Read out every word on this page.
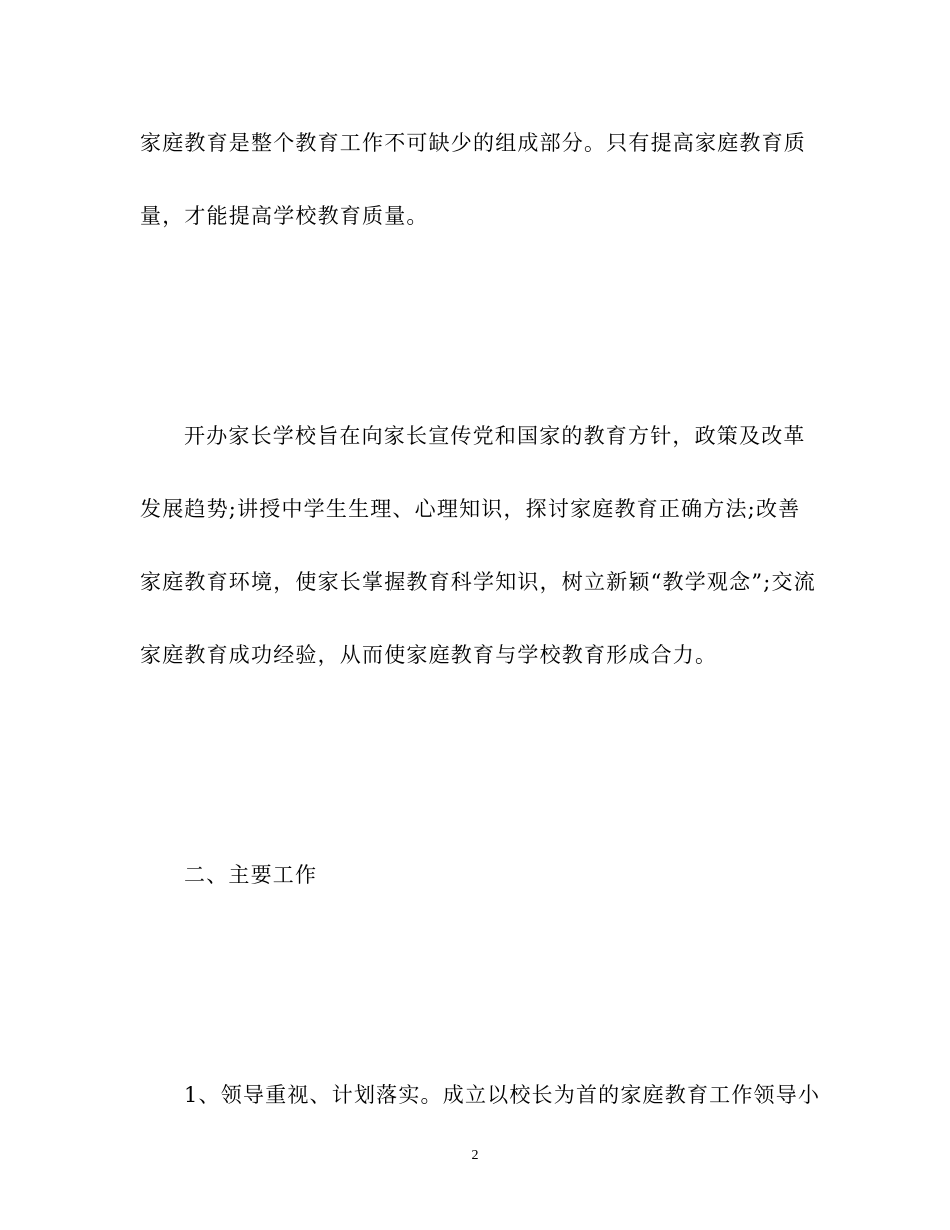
家庭教育是整个教育工作不可缺少的组成部分。只有提高家庭教育质
量，才能提高学校教育质量。
开办家长学校旨在向家长宣传党和国家的教育方针，政策及改革
发展趋势;讲授中学生生理、心理知识，探讨家庭教育正确方法;改善
家庭教育环境，使家长掌握教育科学知识，树立新颖“教学观念”;交流
家庭教育成功经验，从而使家庭教育与学校教育形成合力。
二、主要工作
1、领导重视、计划落实。成立以校长为首的家庭教育工作领导小
2
